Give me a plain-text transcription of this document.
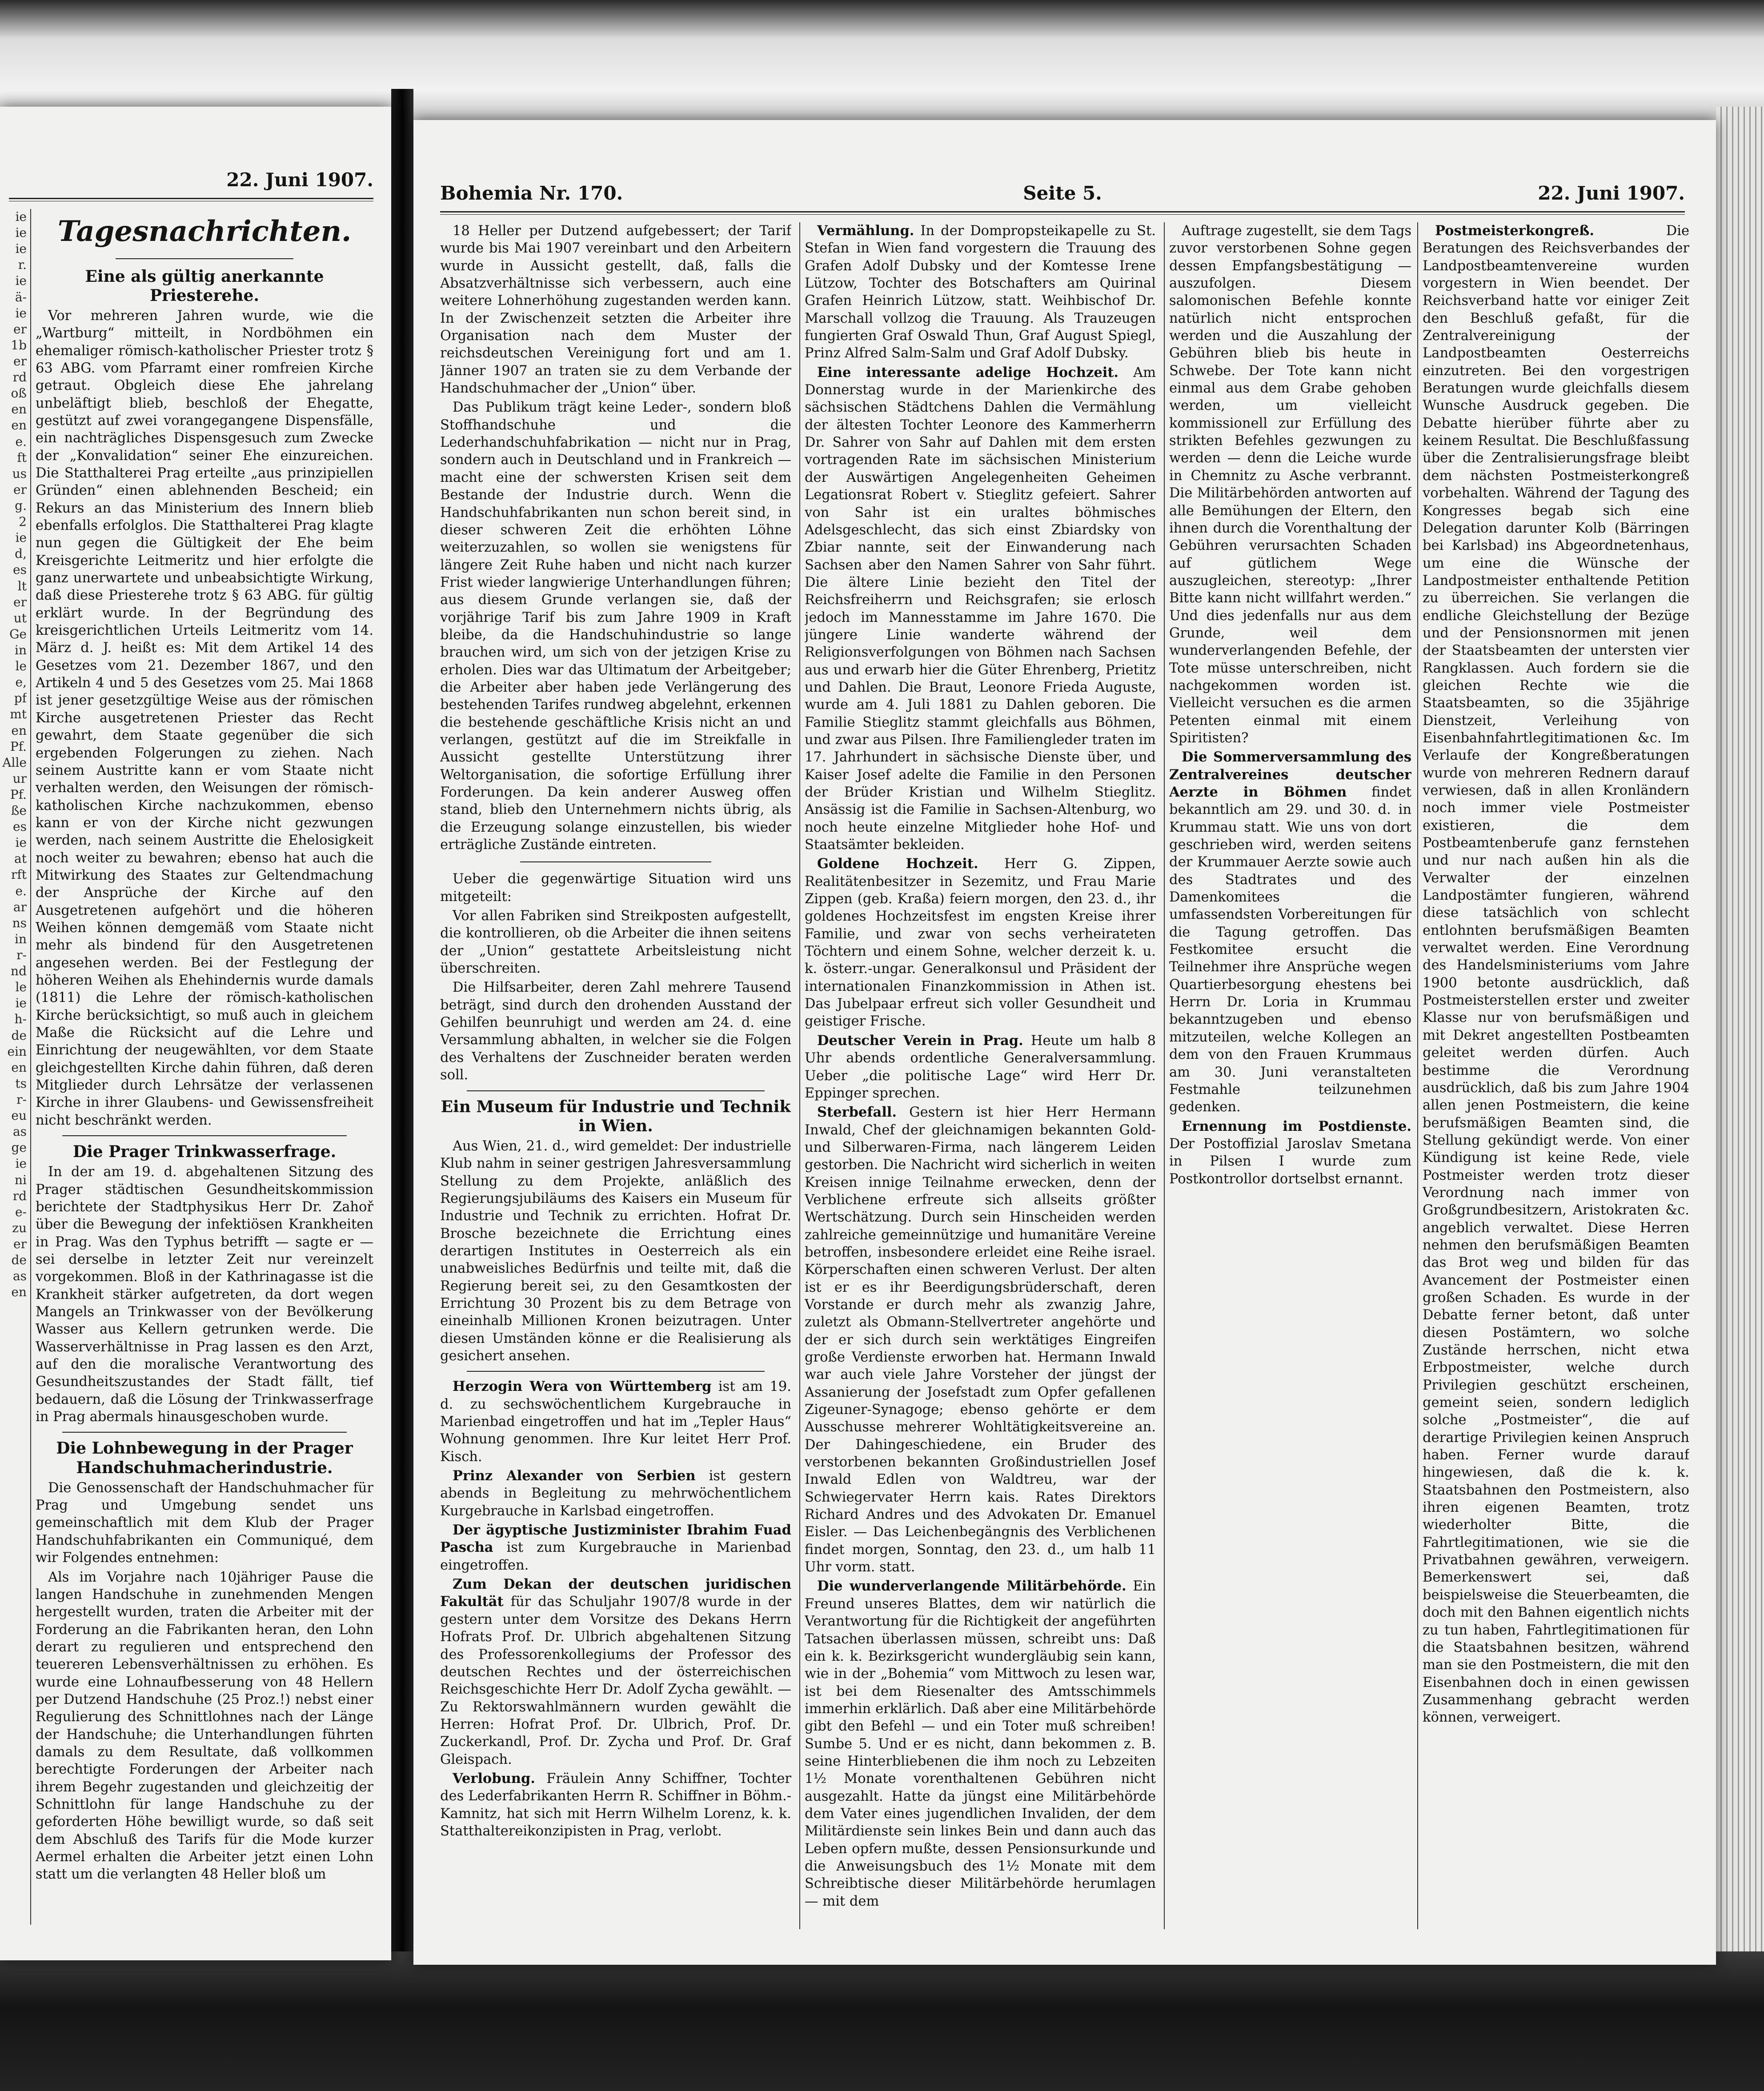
22. Juni 1907.
ie
ie
ie
r.
ie
ä-
ie
er
1b
er
rd
oß
en
en
e.
ft
us
er
g.
2
ie
d,
es
lt
er
ut
Ge
in
le
e,
pf
mt
en
Pf.
Alle
ur
Pf.
ße
es
ie
at
rft
e.
ar
ns
in
r-
nd
le
ie
h-
de
ein
en
ts
r-
eu
as
ge
ie
ni
rd
e-
zu
er
de
as
en
Tagesnachrichten.
Eine als gültig anerkannte Priesterehe.

Vor mehreren Jahren wurde, wie die „Wartburg“ mitteilt, in Nordböhmen ein ehemaliger römisch-katholischer Priester trotz § 63 ABG. vom Pfarramt einer romfreien Kirche getraut. Obgleich diese Ehe jahrelang unbeläftigt blieb, beschloß der Ehegatte, gestützt auf zwei vorangegangene Dispensfälle, ein nachträgliches Dispensgesuch zum Zwecke der „Konvalidation“ seiner Ehe einzureichen. Die Statthalterei Prag erteilte „aus prinzipiellen Gründen“ einen ablehnenden Bescheid; ein Rekurs an das Ministerium des Innern blieb ebenfalls erfolglos. Die Statthalterei Prag klagte nun gegen die Gültigkeit der Ehe beim Kreisgerichte Leitmeritz und hier erfolgte die ganz unerwartete und unbeabsichtigte Wirkung, daß diese Priesterehe trotz § 63 ABG. für gültig erklärt wurde. In der Begründung des kreisgerichtlichen Urteils Leitmeritz vom 14. März d. J. heißt es: Mit dem Artikel 14 des Gesetzes vom 21. Dezember 1867, und den Artikeln 4 und 5 des Gesetzes vom 25. Mai 1868 ist jener gesetzgültige Weise aus der römischen Kirche ausgetretenen Priester das Recht gewahrt, dem Staate gegenüber die sich ergebenden Folgerungen zu ziehen. Nach seinem Austritte kann er vom Staate nicht verhalten werden, den Weisungen der römisch-katholischen Kirche nachzukommen, ebenso kann er von der Kirche nicht gezwungen werden, nach seinem Austritte die Ehelosigkeit noch weiter zu bewahren; ebenso hat auch die Mitwirkung des Staates zur Geltendmachung der Ansprüche der Kirche auf den Ausgetretenen aufgehört und die höheren Weihen können demgemäß vom Staate nicht mehr als bindend für den Ausgetretenen angesehen werden. Bei der Festlegung der höheren Weihen als Ehehindernis wurde damals (1811) die Lehre der römisch-katholischen Kirche berücksichtigt, so muß auch in gleichem Maße die Rücksicht auf die Lehre und Einrichtung der neugewählten, vor dem Staate gleichgestellten Kirche dahin führen, daß deren Mitglieder durch Lehrsätze der verlassenen Kirche in ihrer Glaubens- und Gewissensfreiheit nicht beschränkt werden.

Die Prager Trinkwasserfrage.

In der am 19. d. abgehaltenen Sitzung des Prager städtischen Gesundheitskommission berichtete der Stadtphysikus Herr Dr. Zahoř über die Bewegung der infektiösen Krankheiten in Prag. Was den Typhus betrifft — sagte er — sei derselbe in letzter Zeit nur vereinzelt vorgekommen. Bloß in der Kathrinagasse ist die Krankheit stärker aufgetreten, da dort wegen Mangels an Trinkwasser von der Bevölkerung Wasser aus Kellern getrunken werde. Die Wasserverhältnisse in Prag lassen es den Arzt, auf den die moralische Verantwortung des Gesundheitszustandes der Stadt fällt, tief bedauern, daß die Lösung der Trinkwasserfrage in Prag abermals hinausgeschoben wurde.

Die Lohnbewegung in der Prager Handschuhmacherindustrie.

Die Genossenschaft der Handschuhmacher für Prag und Umgebung sendet uns gemeinschaftlich mit dem Klub der Prager Handschuhfabrikanten ein Communiqué, dem wir Folgendes entnehmen:

Als im Vorjahre nach 10jähriger Pause die langen Handschuhe in zunehmenden Mengen hergestellt wurden, traten die Arbeiter mit der Forderung an die Fabrikanten heran, den Lohn derart zu regulieren und entsprechend den teuereren Lebensverhältnissen zu erhöhen. Es wurde eine Lohnaufbesserung von 48 Hellern per Dutzend Handschuhe (25 Proz.!) nebst einer Regulierung des Schnittlohnes nach der Länge der Handschuhe; die Unterhandlungen führten damals zu dem Resultate, daß vollkommen berechtigte Forderungen der Arbeiter nach ihrem Begehr zugestanden und gleichzeitig der Schnittlohn für lange Handschuhe zu der geforderten Höhe bewilligt wurde, so daß seit dem Abschluß des Tarifs für die Mode kurzer Aermel erhalten die Arbeiter jetzt einen Lohn statt um die verlangten 48 Heller bloß um

Bohemia Nr. 170.	Seite 5.	22. Juni 1907.

18 Heller per Dutzend aufgebessert; der Tarif wurde bis Mai 1907 vereinbart und den Arbeitern wurde in Aussicht gestellt, daß, falls die Absatzverhältnisse sich verbessern, auch eine weitere Lohnerhöhung zugestanden werden kann. In der Zwischenzeit setzten die Arbeiter ihre Organisation nach dem Muster der reichsdeutschen Vereinigung fort und am 1. Jänner 1907 an traten sie zu dem Verbande der Handschuhmacher der „Union“ über.

Das Publikum trägt keine Leder-, sondern bloß Stoffhandschuhe und die Lederhandschuhfabrikation — nicht nur in Prag, sondern auch in Deutschland und in Frankreich — macht eine der schwersten Krisen seit dem Bestande der Industrie durch. Wenn die Handschuhfabrikanten nun schon bereit sind, in dieser schweren Zeit die erhöhten Löhne weiterzuzahlen, so wollen sie wenigstens für längere Zeit Ruhe haben und nicht nach kurzer Frist wieder langwierige Unterhandlungen führen; aus diesem Grunde verlangen sie, daß der vorjährige Tarif bis zum Jahre 1909 in Kraft bleibe, da die Handschuhindustrie so lange brauchen wird, um sich von der jetzigen Krise zu erholen. Dies war das Ultimatum der Arbeitgeber; die Arbeiter aber haben jede Verlängerung des bestehenden Tarifes rundweg abgelehnt, erkennen die bestehende geschäftliche Krisis nicht an und verlangen, gestützt auf die im Streikfalle in Aussicht gestellte Unterstützung ihrer Weltorganisation, die sofortige Erfüllung ihrer Forderungen. Da kein anderer Ausweg offen stand, blieb den Unternehmern nichts übrig, als die Erzeugung solange einzustellen, bis wieder erträgliche Zustände eintreten.

Ueber die gegenwärtige Situation wird uns mitgeteilt:

Vor allen Fabriken sind Streikposten aufgestellt, die kontrollieren, ob die Arbeiter die ihnen seitens der „Union“ gestattete Arbeitsleistung nicht überschreiten.

Die Hilfsarbeiter, deren Zahl mehrere Tausend beträgt, sind durch den drohenden Ausstand der Gehilfen beunruhigt und werden am 24. d. eine Versammlung abhalten, in welcher sie die Folgen des Verhaltens der Zuschneider beraten werden soll.

Ein Museum für Industrie und Technik in Wien.

Aus Wien, 21. d., wird gemeldet: Der industrielle Klub nahm in seiner gestrigen Jahresversammlung Stellung zu dem Projekte, anläßlich des Regierungsjubiläums des Kaisers ein Museum für Industrie und Technik zu errichten. Hofrat Dr. Brosche bezeichnete die Errichtung eines derartigen Institutes in Oesterreich als ein unabweisliches Bedürfnis und teilte mit, daß die Regierung bereit sei, zu den Gesamtkosten der Errichtung 30 Prozent bis zu dem Betrage von eineinhalb Millionen Kronen beizutragen. Unter diesen Umständen könne er die Realisierung als gesichert ansehen.

Herzogin Wera von Württemberg ist am 19. d. zu sechswöchentlichem Kurgebrauche in Marienbad eingetroffen und hat im „Tepler Haus“ Wohnung genommen. Ihre Kur leitet Herr Prof. Kisch.

Prinz Alexander von Serbien ist gestern abends in Begleitung zu mehrwöchentlichem Kurgebrauche in Karlsbad eingetroffen.

Der ägyptische Justizminister Ibrahim Fuad Pascha ist zum Kurgebrauche in Marienbad eingetroffen.

Zum Dekan der deutschen juridischen Fakultät für das Schuljahr 1907/8 wurde in der gestern unter dem Vorsitze des Dekans Herrn Hofrats Prof. Dr. Ulbrich abgehaltenen Sitzung des Professorenkollegiums der Professor des deutschen Rechtes und der österreichischen Reichsgeschichte Herr Dr. Adolf Zycha gewählt. — Zu Rektorswahlmännern wurden gewählt die Herren: Hofrat Prof. Dr. Ulbrich, Prof. Dr. Zuckerkandl, Prof. Dr. Zycha und Prof. Dr. Graf Gleispach.

Verlobung. Fräulein Anny Schiffner, Tochter des Lederfabrikanten Herrn R. Schiffner in Böhm.-Kamnitz, hat sich mit Herrn Wilhelm Lorenz, k. k. Statthaltereikonzipisten in Prag, verlobt.

Vermählung. In der Dompropsteikapelle zu St. Stefan in Wien fand vorgestern die Trauung des Grafen Adolf Dubsky und der Komtesse Irene Lützow, Tochter des Botschafters am Quirinal Grafen Heinrich Lützow, statt. Weihbischof Dr. Marschall vollzog die Trauung. Als Trauzeugen fungierten Graf Oswald Thun, Graf August Spiegl, Prinz Alfred Salm-Salm und Graf Adolf Dubsky.

Eine interessante adelige Hochzeit. Am Donnerstag wurde in der Marienkirche des sächsischen Städtchens Dahlen die Vermählung der ältesten Tochter Leonore des Kammerherrn Dr. Sahrer von Sahr auf Dahlen mit dem ersten vortragenden Rate im sächsischen Ministerium der Auswärtigen Angelegenheiten Geheimen Legationsrat Robert v. Stieglitz gefeiert. Sahrer von Sahr ist ein uraltes böhmisches Adelsgeschlecht, das sich einst Zbiardsky von Zbiar nannte, seit der Einwanderung nach Sachsen aber den Namen Sahrer von Sahr führt. Die ältere Linie bezieht den Titel der Reichsfreiherrn und Reichsgrafen; sie erlosch jedoch im Mannesstamme im Jahre 1670. Die jüngere Linie wanderte während der Religionsverfolgungen von Böhmen nach Sachsen aus und erwarb hier die Güter Ehrenberg, Prietitz und Dahlen. Die Braut, Leonore Frieda Auguste, wurde am 4. Juli 1881 zu Dahlen geboren. Die Familie Stieglitz stammt gleichfalls aus Böhmen, und zwar aus Pilsen. Ihre Familiengleder traten im 17. Jahrhundert in sächsische Dienste über, und Kaiser Josef adelte die Familie in den Personen der Brüder Kristian und Wilhelm Stieglitz. Ansässig ist die Familie in Sachsen-Altenburg, wo noch heute einzelne Mitglieder hohe Hof- und Staatsämter bekleiden.

Goldene Hochzeit. Herr G. Zippen, Realitätenbesitzer in Sezemitz, und Frau Marie Zippen (geb. Kraßa) feiern morgen, den 23. d., ihr goldenes Hochzeitsfest im engsten Kreise ihrer Familie, und zwar von sechs verheirateten Töchtern und einem Sohne, welcher derzeit k. u. k. österr.-ungar. Generalkonsul und Präsident der internationalen Finanzkommission in Athen ist. Das Jubelpaar erfreut sich voller Gesundheit und geistiger Frische.

Deutscher Verein in Prag. Heute um halb 8 Uhr abends ordentliche Generalversammlung. Ueber „die politische Lage“ wird Herr Dr. Eppinger sprechen.

Sterbefall. Gestern ist hier Herr Hermann Inwald, Chef der gleichnamigen bekannten Gold- und Silberwaren-Firma, nach längerem Leiden gestorben. Die Nachricht wird sicherlich in weiten Kreisen innige Teilnahme erwecken, denn der Verblichene erfreute sich allseits größter Wertschätzung. Durch sein Hinscheiden werden zahlreiche gemeinnützige und humanitäre Vereine betroffen, insbesondere erleidet eine Reihe israel. Körperschaften einen schweren Verlust. Der alten ist er es ihr Beerdigungsbrüderschaft, deren Vorstande er durch mehr als zwanzig Jahre, zuletzt als Obmann-Stellvertreter angehörte und der er sich durch sein werktätiges Eingreifen große Verdienste erworben hat. Hermann Inwald war auch viele Jahre Vorsteher der jüngst der Assanierung der Josefstadt zum Opfer gefallenen Zigeuner-Synagoge; ebenso gehörte er dem Ausschusse mehrerer Wohltätigkeitsvereine an. Der Dahingeschiedene, ein Bruder des verstorbenen bekannten Großindustriellen Josef Inwald Edlen von Waldtreu, war der Schwiegervater Herrn kais. Rates Direktors Richard Andres und des Advokaten Dr. Emanuel Eisler. — Das Leichenbegängnis des Verblichenen findet morgen, Sonntag, den 23. d., um halb 11 Uhr vorm. statt.

Die wunderverlangende Militärbehörde. Ein Freund unseres Blattes, dem wir natürlich die Verantwortung für die Richtigkeit der angeführten Tatsachen überlassen müssen, schreibt uns: Daß ein k. k. Bezirksgericht wundergläubig sein kann, wie in der „Bohemia“ vom Mittwoch zu lesen war, ist bei dem Riesenalter des Amtsschimmels immerhin erklärlich. Daß aber eine Militärbehörde gibt den Befehl — und ein Toter muß schreiben! Sumbe 5. Und er es nicht, dann bekommen z. B. seine Hinterbliebenen die ihm noch zu Lebzeiten 1½ Monate vorenthaltenen Gebühren nicht ausgezahlt. Hatte da jüngst eine Militärbehörde dem Vater eines jugendlichen Invaliden, der dem Militärdienste sein linkes Bein und dann auch das Leben opfern mußte, dessen Pensionsurkunde und die Anweisungsbuch des 1½ Monate mit dem Schreibtische dieser Militärbehörde herumlagen — mit dem

Auftrage zugestellt, sie dem Tags zuvor verstorbenen Sohne gegen dessen Empfangsbestätigung — auszufolgen. Diesem salomonischen Befehle konnte natürlich nicht entsprochen werden und die Auszahlung der Gebühren blieb bis heute in Schwebe. Der Tote kann nicht einmal aus dem Grabe gehoben werden, um vielleicht kommissionell zur Erfüllung des strikten Befehles gezwungen zu werden — denn die Leiche wurde in Chemnitz zu Asche verbrannt. Die Militärbehörden antworten auf alle Bemühungen der Eltern, den ihnen durch die Vorenthaltung der Gebühren verursachten Schaden auf gütlichem Wege auszugleichen, stereotyp: „Ihrer Bitte kann nicht willfahrt werden.“ Und dies jedenfalls nur aus dem Grunde, weil dem wunderverlangenden Befehle, der Tote müsse unterschreiben, nicht nachgekommen worden ist. Vielleicht versuchen es die armen Petenten einmal mit einem Spiritisten?

Die Sommerversammlung des Zentralvereines deutscher Aerzte in Böhmen findet bekanntlich am 29. und 30. d. in Krummau statt. Wie uns von dort geschrieben wird, werden seitens der Krummauer Aerzte sowie auch des Stadtrates und des Damenkomitees die umfassendsten Vorbereitungen für die Tagung getroffen. Das Festkomitee ersucht die Teilnehmer ihre Ansprüche wegen Quartierbesorgung ehestens bei Herrn Dr. Loria in Krummau bekanntzugeben und ebenso mitzuteilen, welche Kollegen an dem von den Frauen Krummaus am 30. Juni veranstalteten Festmahle teilzunehmen gedenken.

Ernennung im Postdienste. Der Postoffizial Jaroslav Smetana in Pilsen I wurde zum Postkontrollor dortselbst ernannt.

Postmeisterkongreß. Die Beratungen des Reichsverbandes der Landpostbeamtenvereine wurden vorgestern in Wien beendet. Der Reichsverband hatte vor einiger Zeit den Beschluß gefaßt, für die Zentralvereinigung der Landpostbeamten Oesterreichs einzutreten. Bei den vorgestrigen Beratungen wurde gleichfalls diesem Wunsche Ausdruck gegeben. Die Debatte hierüber führte aber zu keinem Resultat. Die Beschlußfassung über die Zentralisierungsfrage bleibt dem nächsten Postmeisterkongreß vorbehalten. Während der Tagung des Kongresses begab sich eine Delegation darunter Kolb (Bärringen bei Karlsbad) ins Abgeordnetenhaus, um eine die Wünsche der Landpostmeister enthaltende Petition zu überreichen. Sie verlangen die endliche Gleichstellung der Bezüge und der Pensionsnormen mit jenen der Staatsbeamten der untersten vier Rangklassen. Auch fordern sie die gleichen Rechte wie die Staatsbeamten, so die 35jährige Dienstzeit, Verleihung von Eisenbahnfahrtlegitimationen &c. Im Verlaufe der Kongreßberatungen wurde von mehreren Rednern darauf verwiesen, daß in allen Kronländern noch immer viele Postmeister existieren, die dem Postbeamtenberufe ganz fernstehen und nur nach außen hin als die Verwalter der einzelnen Landpostämter fungieren, während diese tatsächlich von schlecht entlohnten berufsmäßigen Beamten verwaltet werden. Eine Verordnung des Handelsministeriums vom Jahre 1900 betonte ausdrücklich, daß Postmeisterstellen erster und zweiter Klasse nur von berufsmäßigen und mit Dekret angestellten Postbeamten geleitet werden dürfen. Auch bestimme die Verordnung ausdrücklich, daß bis zum Jahre 1904 allen jenen Postmeistern, die keine berufsmäßigen Beamten sind, die Stellung gekündigt werde. Von einer Kündigung ist keine Rede, viele Postmeister werden trotz dieser Verordnung nach immer von Großgrundbesitzern, Aristokraten &c. angeblich verwaltet. Diese Herren nehmen den berufsmäßigen Beamten das Brot weg und bilden für das Avancement der Postmeister einen großen Schaden. Es wurde in der Debatte ferner betont, daß unter diesen Postämtern, wo solche Zustände herrschen, nicht etwa Erbpostmeister, welche durch Privilegien geschützt erscheinen, gemeint seien, sondern lediglich solche „Postmeister“, die auf derartige Privilegien keinen Anspruch haben. Ferner wurde darauf hingewiesen, daß die k. k. Staatsbahnen den Postmeistern, also ihren eigenen Beamten, trotz wiederholter Bitte, die Fahrtlegitimationen, wie sie die Privatbahnen gewähren, verweigern. Bemerkenswert sei, daß beispielsweise die Steuerbeamten, die doch mit den Bahnen eigentlich nichts zu tun haben, Fahrtlegitimationen für die Staatsbahnen besitzen, während man sie den Postmeistern, die mit den Eisenbahnen doch in einen gewissen Zusammenhang gebracht werden können, verweigert.
